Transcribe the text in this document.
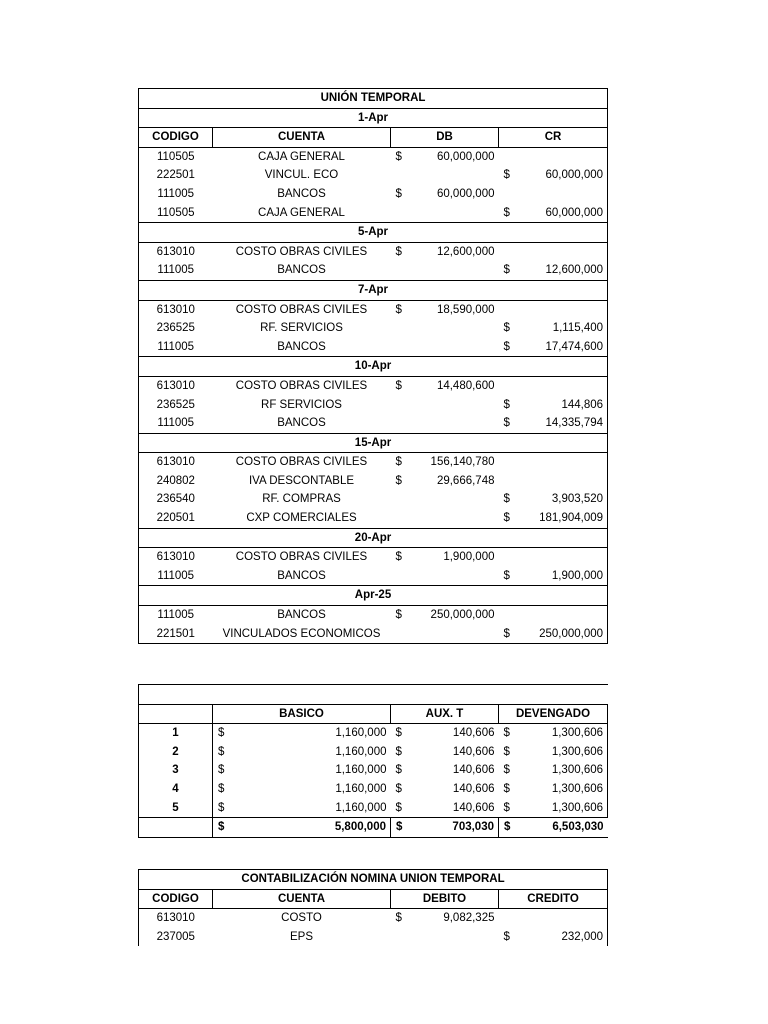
UNIÓN TEMPORAL			
1-Apr			
CODIGO	CUENTA	DB	CR
110505	CAJA GENERAL	$ 60,000,000	

222501	VINCUL. ECO		$ 60,000,000

111005	BANCOS	$ 60,000,000	

110505	CAJA GENERAL		$ 60,000,000

5-Apr			
613010	COSTO OBRAS CIVILES	$ 12,600,000	

111005	BANCOS		$ 12,600,000

7-Apr			
613010	COSTO OBRAS CIVILES	$ 18,590,000	

236525	RF. SERVICIOS		$ 1,115,400

111005	BANCOS		$ 17,474,600

10-Apr			
613010	COSTO OBRAS CIVILES	$ 14,480,600	

236525	RF SERVICIOS		$ 144,806

111005	BANCOS		$ 14,335,794

15-Apr			
613010	COSTO OBRAS CIVILES	$ 156,140,780	

240802	IVA DESCONTABLE	$ 29,666,748	

236540	RF. COMPRAS		$ 3,903,520

220501	CXP COMERCIALES		$ 181,904,009

20-Apr			
613010	COSTO OBRAS CIVILES	$ 1,900,000	

111005	BANCOS		$ 1,900,000

Apr-25			
111005	BANCOS	$ 250,000,000	

221501	VINCULADOS ECONOMICOS		$ 250,000,000

	BASICO	AUX. T	DEVENGADO
1	$ 1,160,000	$ 140,606	$ 1,300,606

2	$ 1,160,000	$ 140,606	$ 1,300,606

3	$ 1,160,000	$ 140,606	$ 1,300,606

4	$ 1,160,000	$ 140,606	$ 1,300,606

5	$ 1,160,000	$ 140,606	$ 1,300,606

	$ 5,800,000	$ 703,030	$ 6,503,030
CONTABILIZACIÓN NOMINA UNION TEMPORAL			
CODIGO	CUENTA	DEBITO	CREDITO
613010	COSTO	$ 9,082,325	

237005	EPS		$ 232,000
